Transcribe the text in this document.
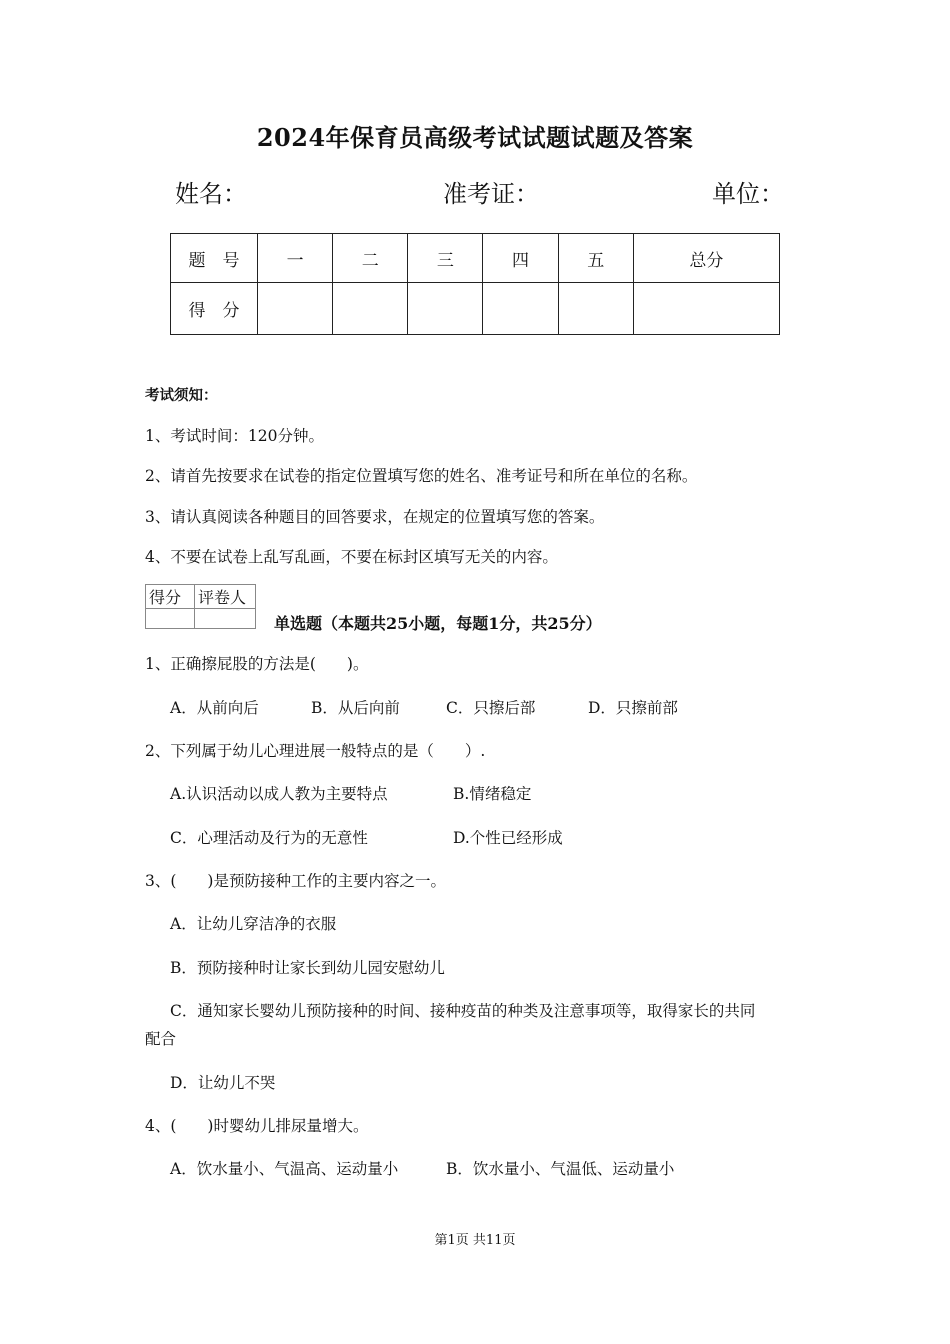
2024年保育员高级考试试题试题及答案
姓名：	准考证：	单位：
题　号	一	二	三	四	五	总分
得　分						
考试须知：
1、考试时间：120分钟。
2、请首先按要求在试卷的指定位置填写您的姓名、准考证号和所在单位的名称。
3、请认真阅读各种题目的回答要求，在规定的位置填写您的答案。
4、不要在试卷上乱写乱画，不要在标封区填写无关的内容。
得分	评卷人

单选题（本题共25小题，每题1分，共25分）
1、正确擦屁股的方法是(　　)。
A．从前向后	B．从后向前	C．只擦后部	D．只擦前部
2、下列属于幼儿心理进展一般特点的是（　　）.
A.认识活动以成人教为主要特点	B.情绪稳定
C．心理活动及行为的无意性	D.个性已经形成
3、(　　)是预防接种工作的主要内容之一。
A．让幼儿穿洁净的衣服
B．预防接种时让家长到幼儿园安慰幼儿
C．通知家长婴幼儿预防接种的时间、接种疫苗的种类及注意事项等，取得家长的共同
配合
D．让幼儿不哭
4、(　　)时婴幼儿排尿量增大。
A．饮水量小、气温高、运动量小	B．饮水量小、气温低、运动量小
第1页 共11页
